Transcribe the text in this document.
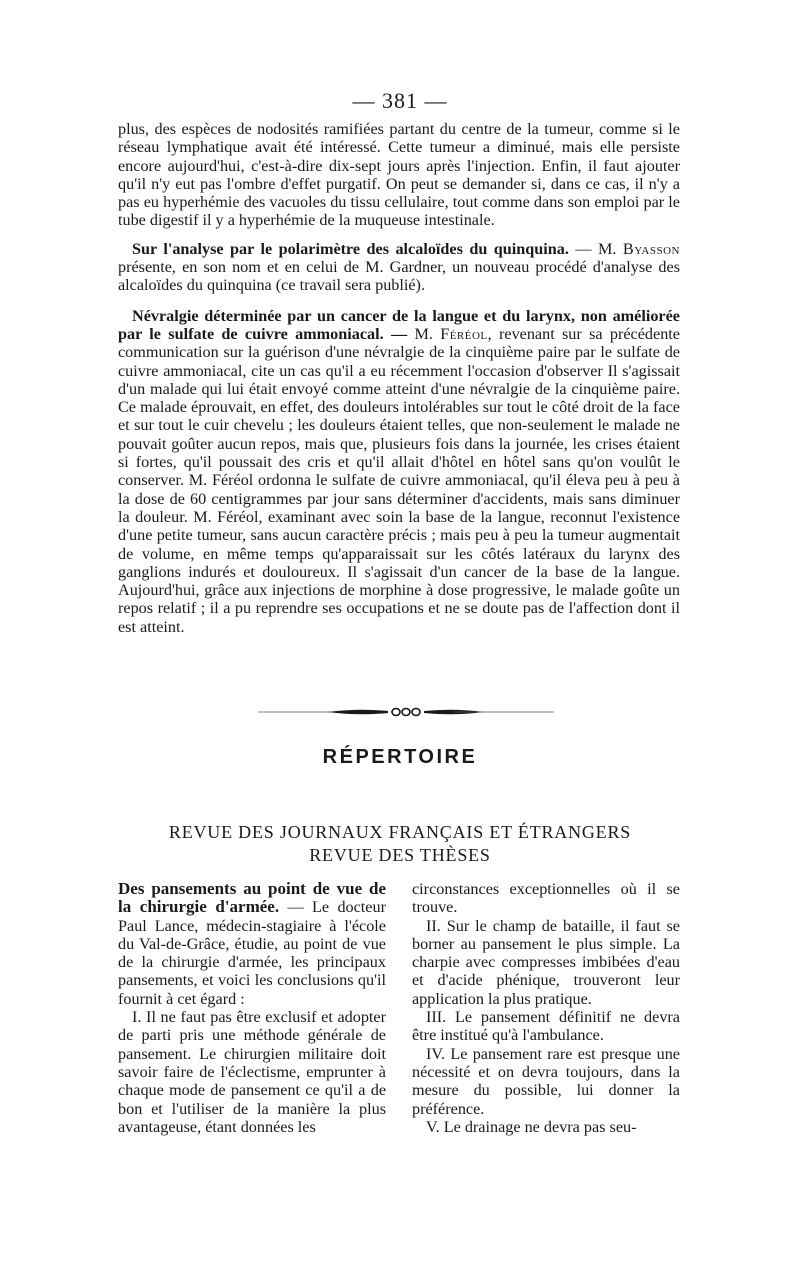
— 381 —

plus, des espèces de nodosités ramifiées partant du centre de la tumeur, comme si le réseau lymphatique avait été intéressé. Cette tumeur a diminué, mais elle persiste encore aujourd'hui, c'est-à-dire dix-sept jours après l'injection. Enfin, il faut ajouter qu'il n'y eut pas l'ombre d'effet purgatif. On peut se demander si, dans ce cas, il n'y a pas eu hyperhémie des vacuoles du tissu cellulaire, tout comme dans son emploi par le tube digestif il y a hyperhémie de la muqueuse intestinale.

Sur l'analyse par le polarimètre des alcaloïdes du quinquina. — M. Byasson présente, en son nom et en celui de M. Gardner, un nouveau procédé d'analyse des alcaloïdes du quinquina (ce travail sera publié).

Névralgie déterminée par un cancer de la langue et du larynx, non améliorée par le sulfate de cuivre ammoniacal. — M. Féréol, revenant sur sa précédente communication sur la guérison d'une névralgie de la cinquième paire par le sulfate de cuivre ammoniacal, cite un cas qu'il a eu récemment l'occasion d'observer Il s'agissait d'un malade qui lui était envoyé comme atteint d'une névralgie de la cinquième paire. Ce malade éprouvait, en effet, des douleurs intolérables sur tout le côté droit de la face et sur tout le cuir chevelu ; les douleurs étaient telles, que non-seulement le malade ne pouvait goûter aucun repos, mais que, plusieurs fois dans la journée, les crises étaient si fortes, qu'il poussait des cris et qu'il allait d'hôtel en hôtel sans qu'on voulût le conserver. M. Féréol ordonna le sulfate de cuivre ammoniacal, qu'il éleva peu à peu à la dose de 60 centigrammes par jour sans déterminer d'accidents, mais sans diminuer la douleur. M. Féréol, examinant avec soin la base de la langue, reconnut l'existence d'une petite tumeur, sans aucun caractère précis ; mais peu à peu la tumeur augmentait de volume, en même temps qu'apparaissait sur les côtés latéraux du larynx des ganglions indurés et douloureux. Il s'agissait d'un cancer de la base de la langue. Aujourd'hui, grâce aux injections de morphine à dose progressive, le malade goûte un repos relatif ; il a pu reprendre ses occupations et ne se doute pas de l'affection dont il est atteint.

RÉPERTOIRE
REVUE DES JOURNAUX FRANÇAIS ET ÉTRANGERS
REVUE DES THÈSES

Des pansements au point de vue de la chirurgie d'armée. — Le docteur Paul Lance, médecin-stagiaire à l'école du Val-de-Grâce, étudie, au point de vue de la chirurgie d'armée, les principaux pansements, et voici les conclusions qu'il fournit à cet égard :

I. Il ne faut pas être exclusif et adopter de parti pris une méthode générale de pansement. Le chirurgien militaire doit savoir faire de l'éclectisme, emprunter à chaque mode de pansement ce qu'il a de bon et l'utiliser de la manière la plus avantageuse, étant données les

circonstances exceptionnelles où il se trouve.

II. Sur le champ de bataille, il faut se borner au pansement le plus simple. La charpie avec compresses imbibées d'eau et d'acide phénique, trouveront leur application la plus pratique.

III. Le pansement définitif ne devra être institué qu'à l'ambulance.

IV. Le pansement rare est presque une nécessité et on devra toujours, dans la mesure du possible, lui donner la préférence.

V. Le drainage ne devra pas seu-
